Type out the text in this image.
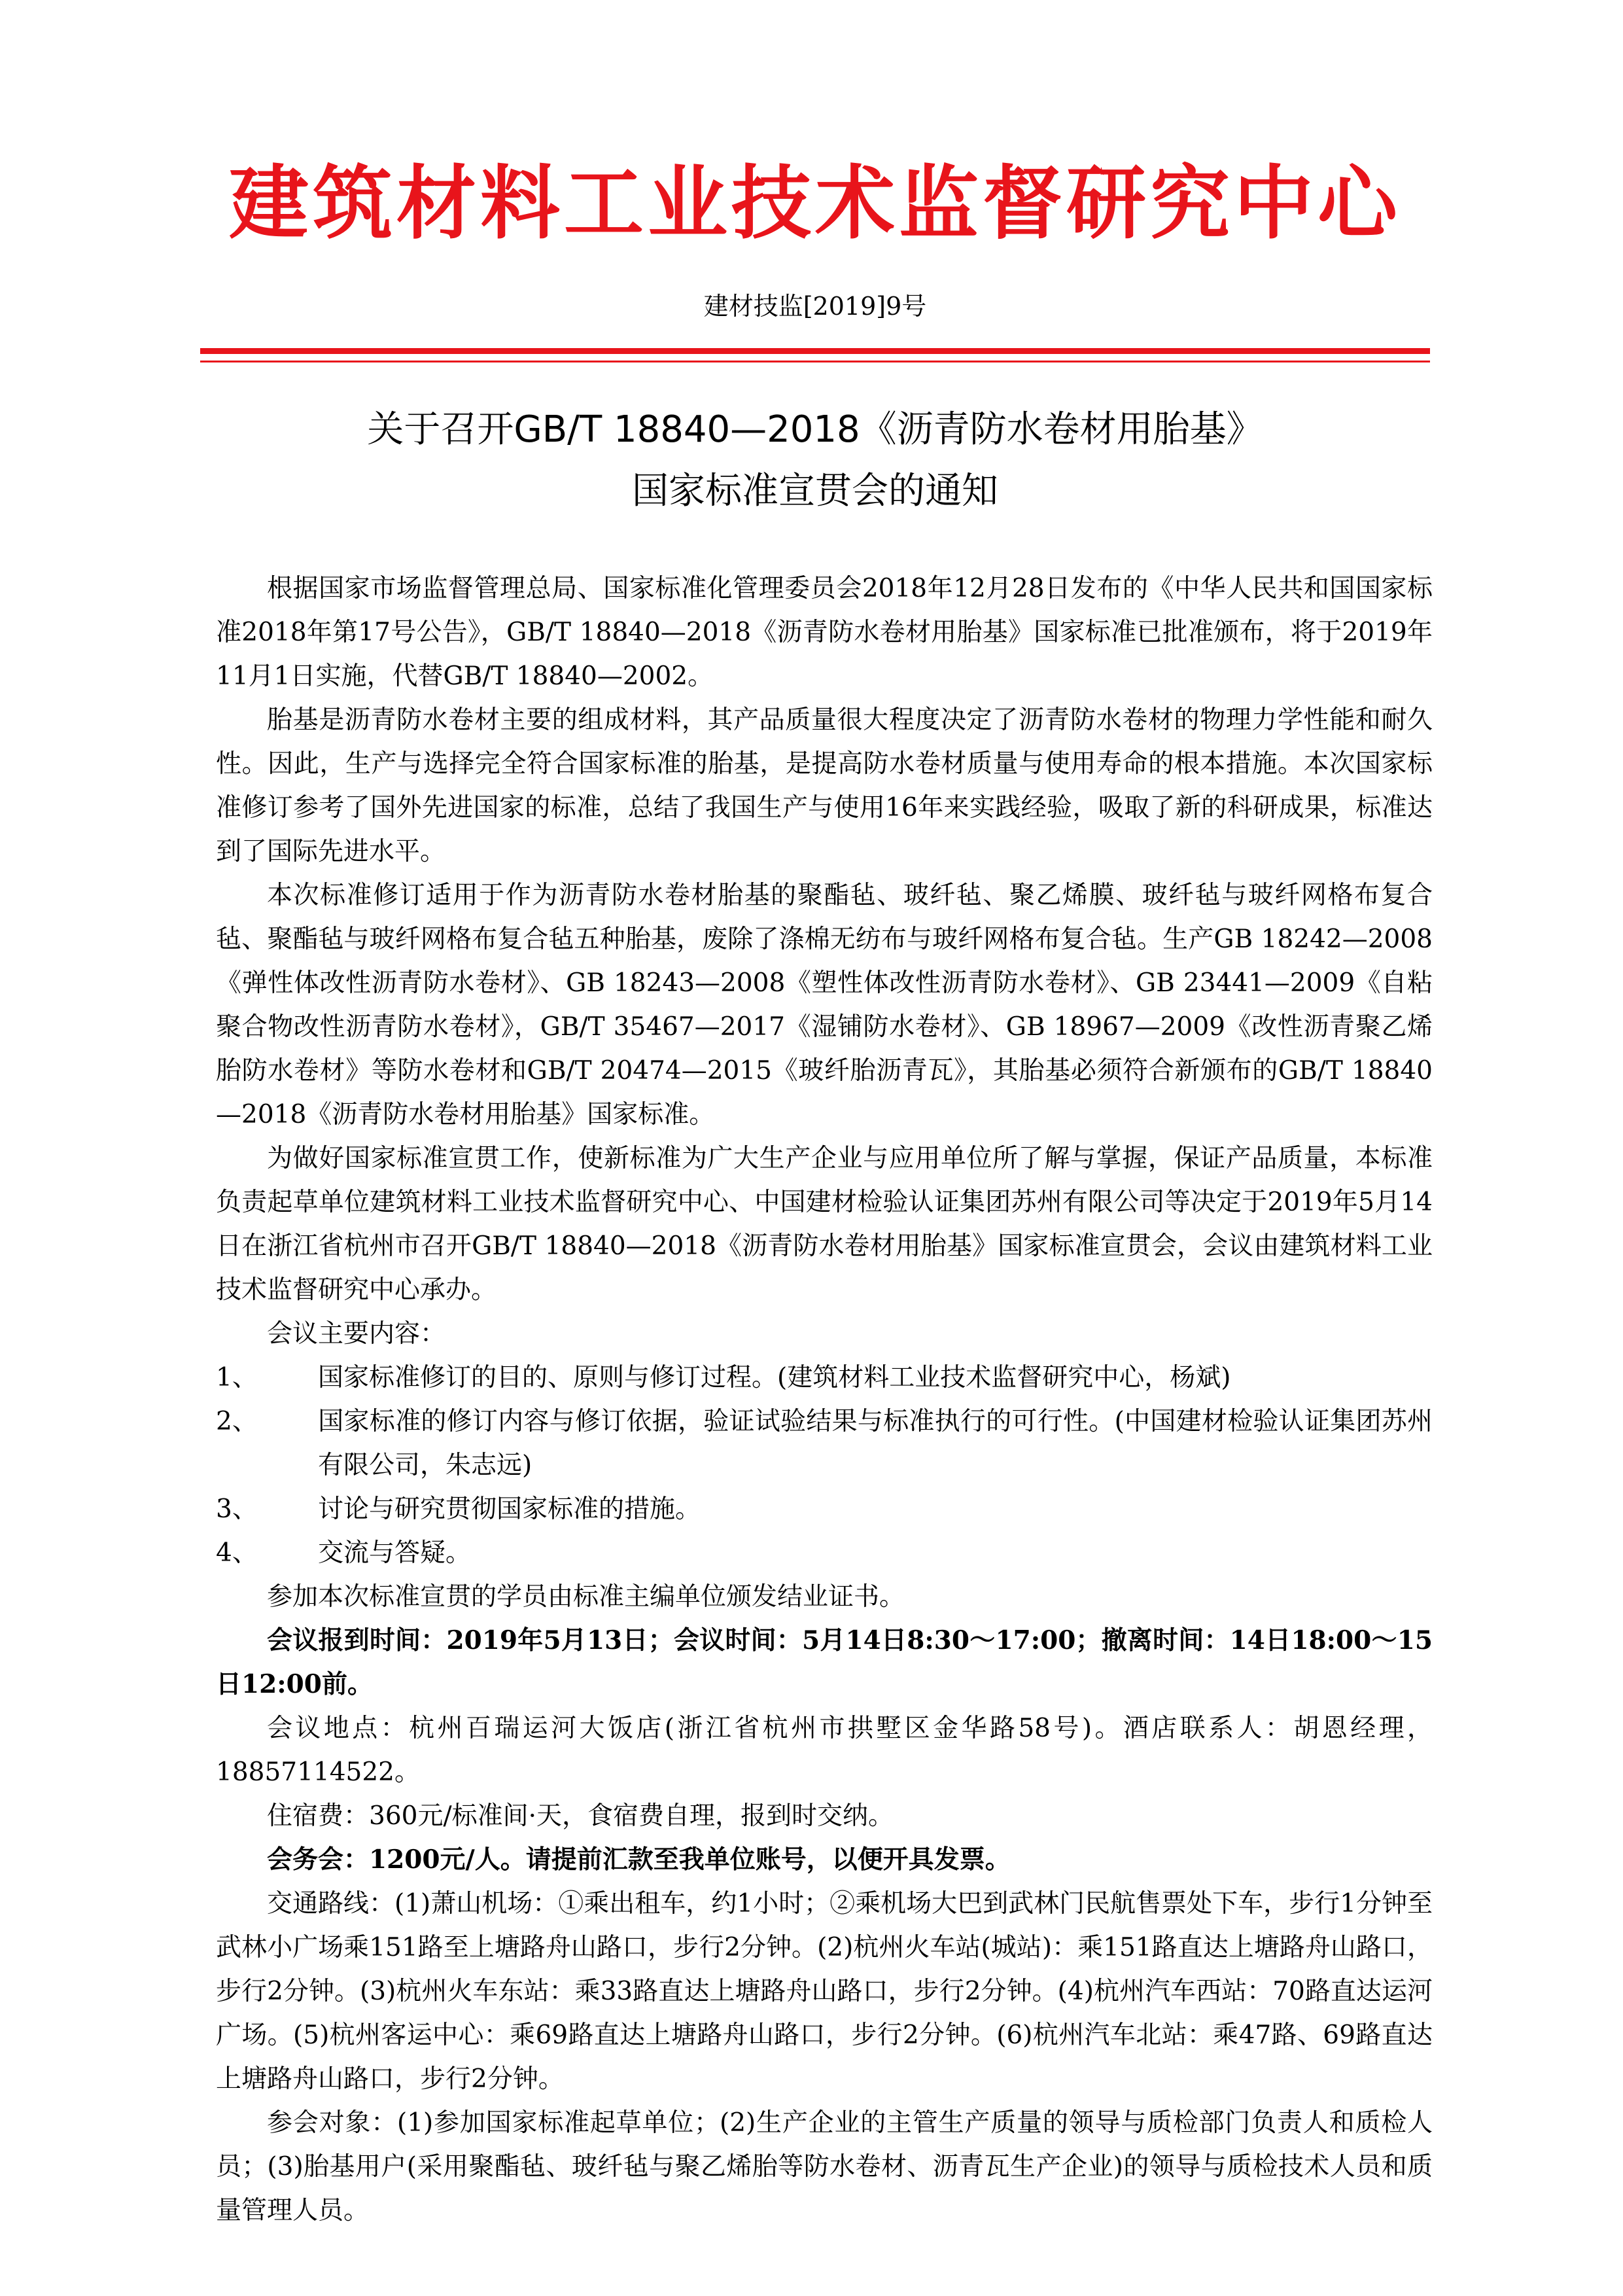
建筑材料工业技术监督研究中心
建材技监[2019]9号
关于召开GB/T 18840—2018《沥青防水卷材用胎基》
国家标准宣贯会的通知

根据国家市场监督管理总局、国家标准化管理委员会2018年12月28日发布的《中华人民共和国国家标准2018年第17号公告》，GB/T 18840—2018《沥青防水卷材用胎基》国家标准已批准颁布，将于2019年11月1日实施，代替GB/T 18840—2002。

胎基是沥青防水卷材主要的组成材料，其产品质量很大程度决定了沥青防水卷材的物理力学性能和耐久性。因此，生产与选择完全符合国家标准的胎基，是提高防水卷材质量与使用寿命的根本措施。本次国家标准修订参考了国外先进国家的标准，总结了我国生产与使用16年来实践经验，吸取了新的科研成果，标准达到了国际先进水平。

本次标准修订适用于作为沥青防水卷材胎基的聚酯毡、玻纤毡、聚乙烯膜、玻纤毡与玻纤网格布复合毡、聚酯毡与玻纤网格布复合毡五种胎基，废除了涤棉无纺布与玻纤网格布复合毡。生产GB 18242—2008《弹性体改性沥青防水卷材》、GB 18243—2008《塑性体改性沥青防水卷材》、GB 23441—2009《自粘聚合物改性沥青防水卷材》，GB/T 35467—2017《湿铺防水卷材》、GB 18967—2009《改性沥青聚乙烯胎防水卷材》等防水卷材和GB/T 20474—2015《玻纤胎沥青瓦》，其胎基必须符合新颁布的GB/T 18840—2018《沥青防水卷材用胎基》国家标准。

为做好国家标准宣贯工作，使新标准为广大生产企业与应用单位所了解与掌握，保证产品质量，本标准负责起草单位建筑材料工业技术监督研究中心、中国建材检验认证集团苏州有限公司等决定于2019年5月14日在浙江省杭州市召开GB/T 18840—2018《沥青防水卷材用胎基》国家标准宣贯会，会议由建筑材料工业技术监督研究中心承办。

会议主要内容：

1、 国家标准修订的目的、原则与修订过程。(建筑材料工业技术监督研究中心，杨斌)

2、 国家标准的修订内容与修订依据，验证试验结果与标准执行的可行性。(中国建材检验认证集团苏州有限公司，朱志远)

3、 讨论与研究贯彻国家标准的措施。

4、 交流与答疑。

参加本次标准宣贯的学员由标准主编单位颁发结业证书。

会议报到时间：2019年5月13日；会议时间：5月14日8:30～17:00；撤离时间：14日18:00～15日12:00前。

会议地点：杭州百瑞运河大饭店(浙江省杭州市拱墅区金华路58号)。酒店联系人：胡恩经理，18857114522。

住宿费：360元/标准间·天，食宿费自理，报到时交纳。

会务会：1200元/人。请提前汇款至我单位账号，以便开具发票。

交通路线：(1)萧山机场：①乘出租车，约1小时；②乘机场大巴到武林门民航售票处下车，步行1分钟至武林小广场乘151路至上塘路舟山路口，步行2分钟。(2)杭州火车站(城站)：乘151路直达上塘路舟山路口，步行2分钟。(3)杭州火车东站：乘33路直达上塘路舟山路口，步行2分钟。(4)杭州汽车西站：70路直达运河广场。(5)杭州客运中心：乘69路直达上塘路舟山路口，步行2分钟。(6)杭州汽车北站：乘47路、69路直达上塘路舟山路口，步行2分钟。

参会对象：(1)参加国家标准起草单位；(2)生产企业的主管生产质量的领导与质检部门负责人和质检人员；(3)胎基用户(采用聚酯毡、玻纤毡与聚乙烯胎等防水卷材、沥青瓦生产企业)的领导与质检技术人员和质量管理人员。
